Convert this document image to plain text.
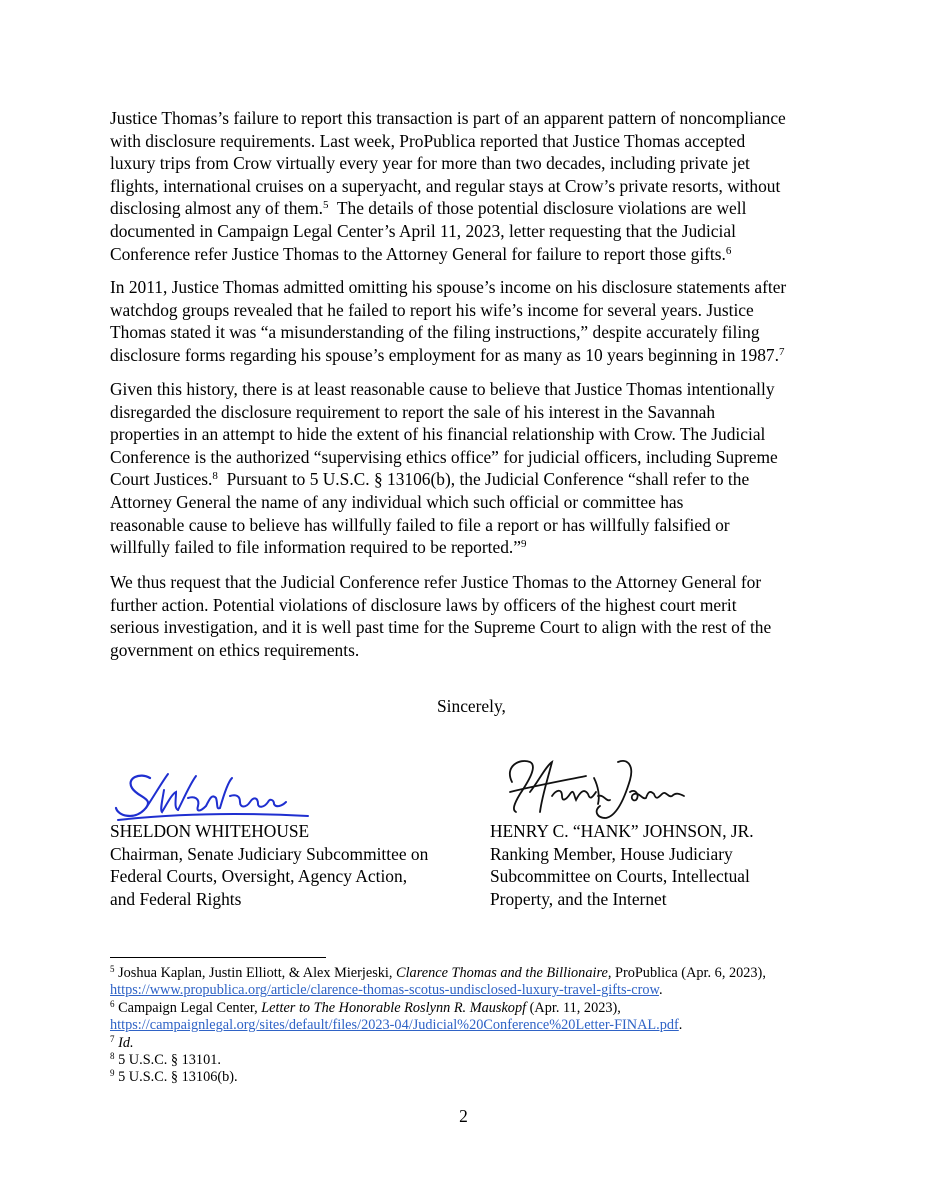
Justice Thomas’s failure to report this transaction is part of an apparent pattern of noncompliance
with disclosure requirements. Last week, ProPublica reported that Justice Thomas accepted
luxury trips from Crow virtually every year for more than two decades, including private jet
flights, international cruises on a superyacht, and regular stays at Crow’s private resorts, without
disclosing almost any of them.$^5$  The details of those potential disclosure violations are well
documented in Campaign Legal Center’s April 11, 2023, letter requesting that the Judicial
Conference refer Justice Thomas to the Attorney General for failure to report those gifts.$^6$

In 2011, Justice Thomas admitted omitting his spouse’s income on his disclosure statements after
watchdog groups revealed that he failed to report his wife’s income for several years. Justice
Thomas stated it was “a misunderstanding of the filing instructions,” despite accurately filing
disclosure forms regarding his spouse’s employment for as many as 10 years beginning in 1987.$^7$

Given this history, there is at least reasonable cause to believe that Justice Thomas intentionally
disregarded the disclosure requirement to report the sale of his interest in the Savannah
properties in an attempt to hide the extent of his financial relationship with Crow. The Judicial
Conference is the authorized “supervising ethics office” for judicial officers, including Supreme
Court Justices.$^8$  Pursuant to 5 U.S.C. § 13106(b), the Judicial Conference “shall refer to the
Attorney General the name of any individual which such official or committee has
reasonable cause to believe has willfully failed to file a report or has willfully falsified or
willfully failed to file information required to be reported.”$^9$

We thus request that the Judicial Conference refer Justice Thomas to the Attorney General for
further action. Potential violations of disclosure laws by officers of the highest court merit
serious investigation, and it is well past time for the Supreme Court to align with the rest of the
government on ethics requirements.

Sincerely,
SHELDON WHITEHOUSE
Chairman, Senate Judiciary Subcommittee on
Federal Courts, Oversight, Agency Action,
and Federal Rights
HENRY C. “HANK” JOHNSON, JR.
Ranking Member, House Judiciary
Subcommittee on Courts, Intellectual
Property, and the Internet
$^5$ Joshua Kaplan, Justin Elliott, & Alex Mierjeski, Clarence Thomas and the Billionaire, ProPublica (Apr. 6, 2023),
https://www.propublica.org/article/clarence-thomas-scotus-undisclosed-luxury-travel-gifts-crow.
$^6$ Campaign Legal Center, Letter to The Honorable Roslynn R. Mauskopf (Apr. 11, 2023),
https://campaignlegal.org/sites/default/files/2023-04/Judicial%20Conference%20Letter-FINAL.pdf.
$^7$ Id.
$^8$ 5 U.S.C. § 13101.
$^9$ 5 U.S.C. § 13106(b).
2
